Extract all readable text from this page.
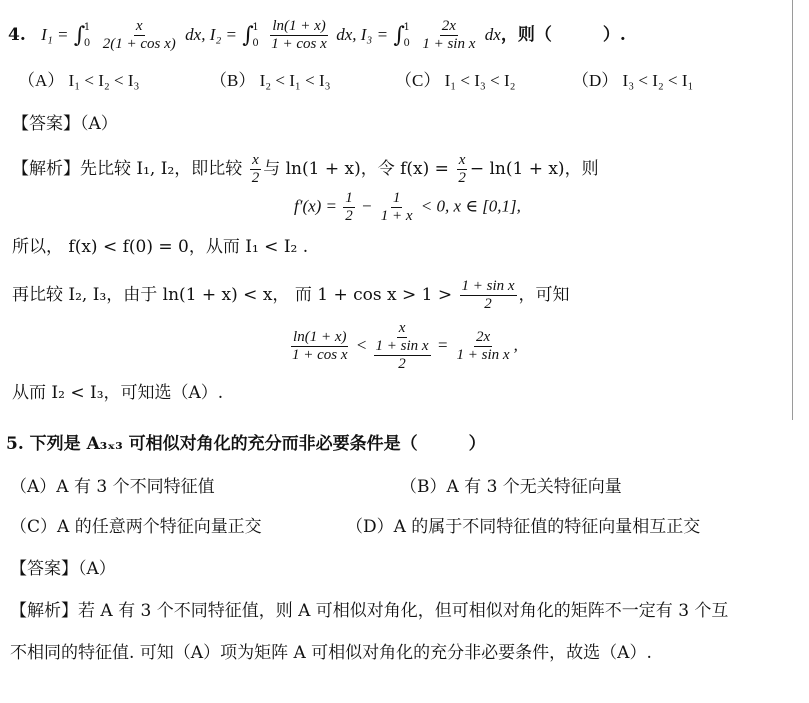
4. I₁ = ∫
1
0
$\frac{x}{\text{2(1 + cos x)}}$ dx, I₂ = ∫
1
0
$\frac{\ln(1 + x)}{\text{1 + cos x}}$ dx, I₃ = ∫
1
0
$\frac{2x}{\text{1 + sin x}}$ dx，则（　　　）.
（A） I₁ < I₂ < I₃	（B） I₂ < I₁ < I₃	（C） I₁ < I₃ < I₂	（D） I₃ < I₂ < I₁
【答案】（A）
【解析】先比较 I₁, I₂，即比较 $\frac{x}{2}$ 与 ln(1 + x)，令 $f(x) = \frac{x}{2} - \ln(1 + x)$，则
$f'(x) = \frac{1}{2} - \frac{1}{1 + x} < 0$, x ∈ [0,1],
所以， f(x) < f(0) = 0，从而 I₁ < I₂ .
再比较 I₂, I₃，由于 ln(1 + x) < x， 而 $1 + \cos x > 1 > \frac{\text{1 + sin x}}{2}$ ，可知
$\frac{\ln(1 + x)}{\text{1 + cos x}}$ <
x
1 + sin x
2
= $\frac{2x}{\text{1 + sin x}}$ ,
从而 I₂ < I₃，可知选（A）.
5. 下列是 A₃ₓ₃ 可相似对角化的充分而非必要条件是（　　　）
（A）A 有 3 个不同特征值	（B）A 有 3 个无关特征向量
（C）A 的任意两个特征向量正交	（D）A 的属于不同特征值的特征向量相互正交
【答案】（A）
【解析】若 A 有 3 个不同特征值，则 A 可相似对角化，但可相似对角化的矩阵不一定有 3 个互
不相同的特征值. 可知（A）项为矩阵 A 可相似对角化的充分非必要条件，故选（A）.
